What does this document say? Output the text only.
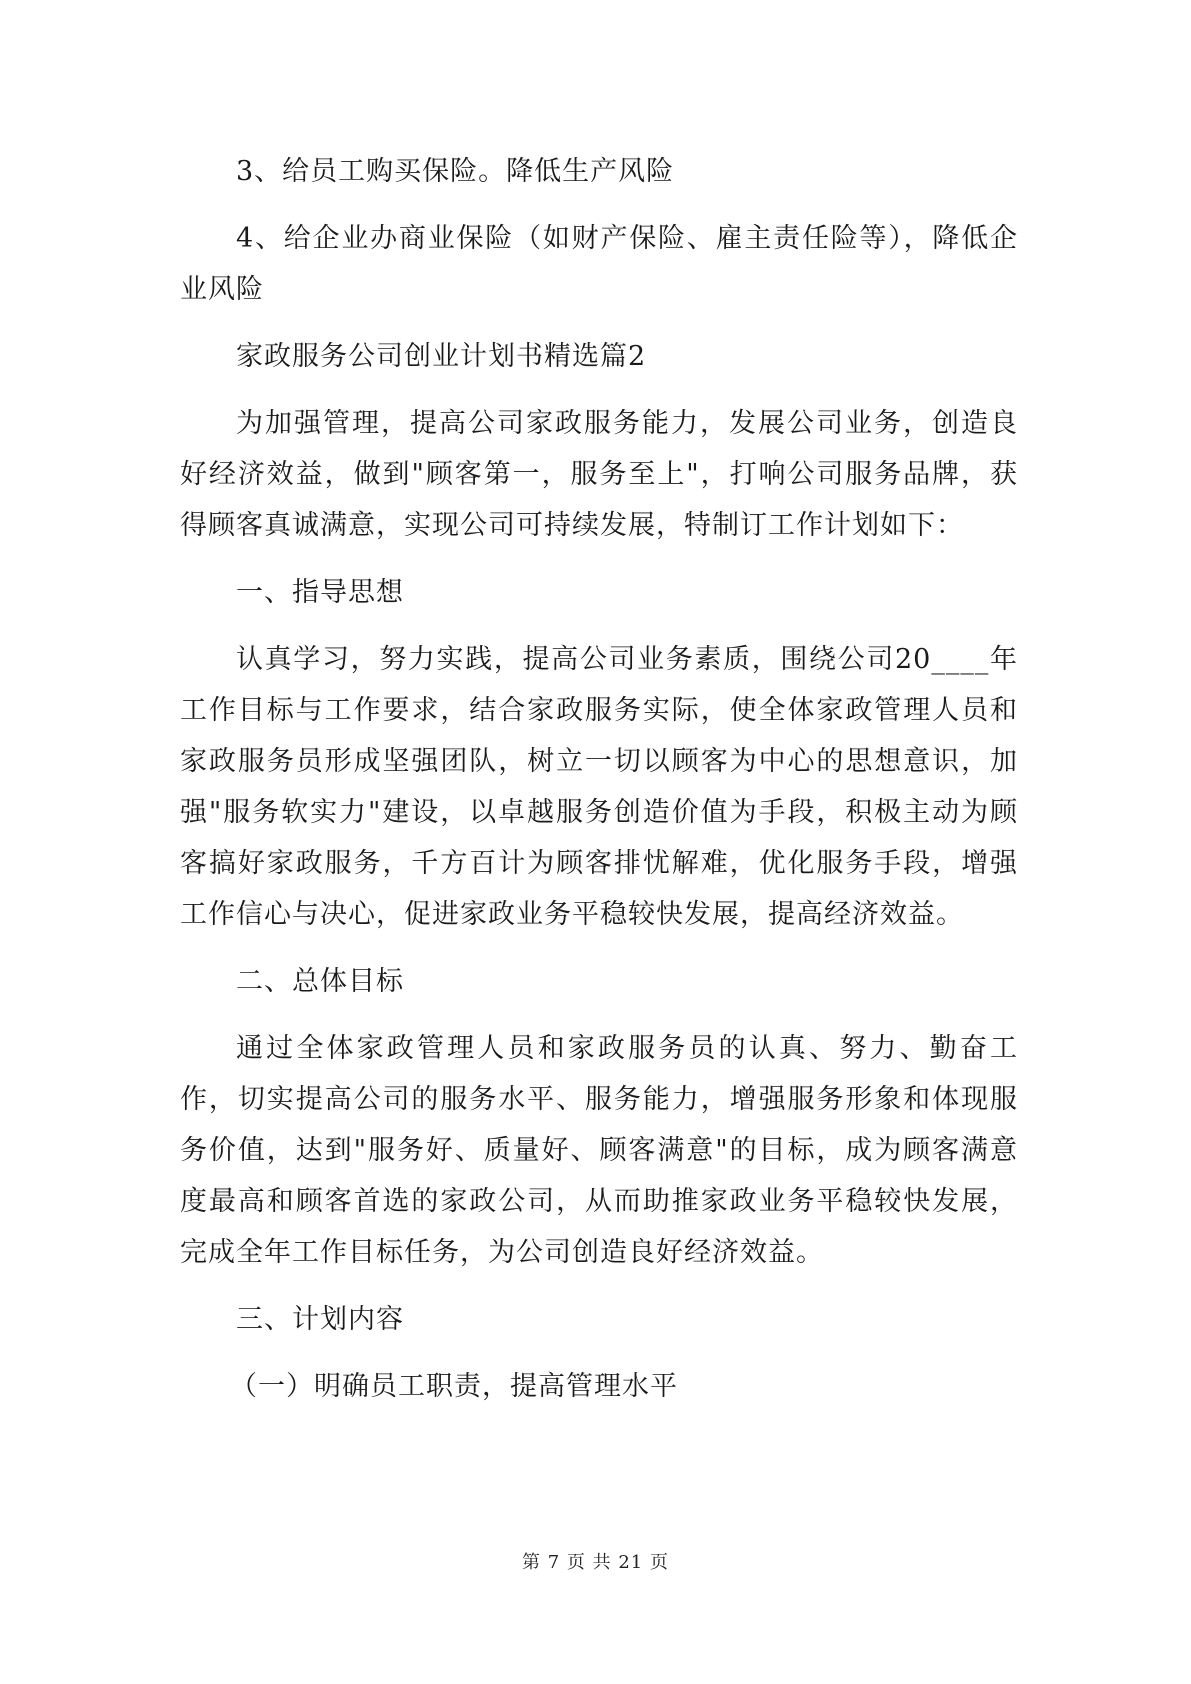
3、给员工购买保险。降低生产风险

4、给企业办商业保险（如财产保险、雇主责任险等），降低企业风险

家政服务公司创业计划书精选篇2

为加强管理，提高公司家政服务能力，发展公司业务，创造良好经济效益，做到"顾客第一，服务至上"，打响公司服务品牌，获得顾客真诚满意，实现公司可持续发展，特制订工作计划如下：

一、指导思想

认真学习，努力实践，提高公司业务素质，围绕公司20____年工作目标与工作要求，结合家政服务实际，使全体家政管理人员和家政服务员形成坚强团队，树立一切以顾客为中心的思想意识，加强"服务软实力"建设，以卓越服务创造价值为手段，积极主动为顾客搞好家政服务，千方百计为顾客排忧解难，优化服务手段，增强工作信心与决心，促进家政业务平稳较快发展，提高经济效益。

二、总体目标

通过全体家政管理人员和家政服务员的认真、努力、勤奋工作，切实提高公司的服务水平、服务能力，增强服务形象和体现服务价值，达到"服务好、质量好、顾客满意"的目标，成为顾客满意度最高和顾客首选的家政公司，从而助推家政业务平稳较快发展，完成全年工作目标任务，为公司创造良好经济效益。

三、计划内容

（一）明确员工职责，提高管理水平

第 7 页 共 21 页
